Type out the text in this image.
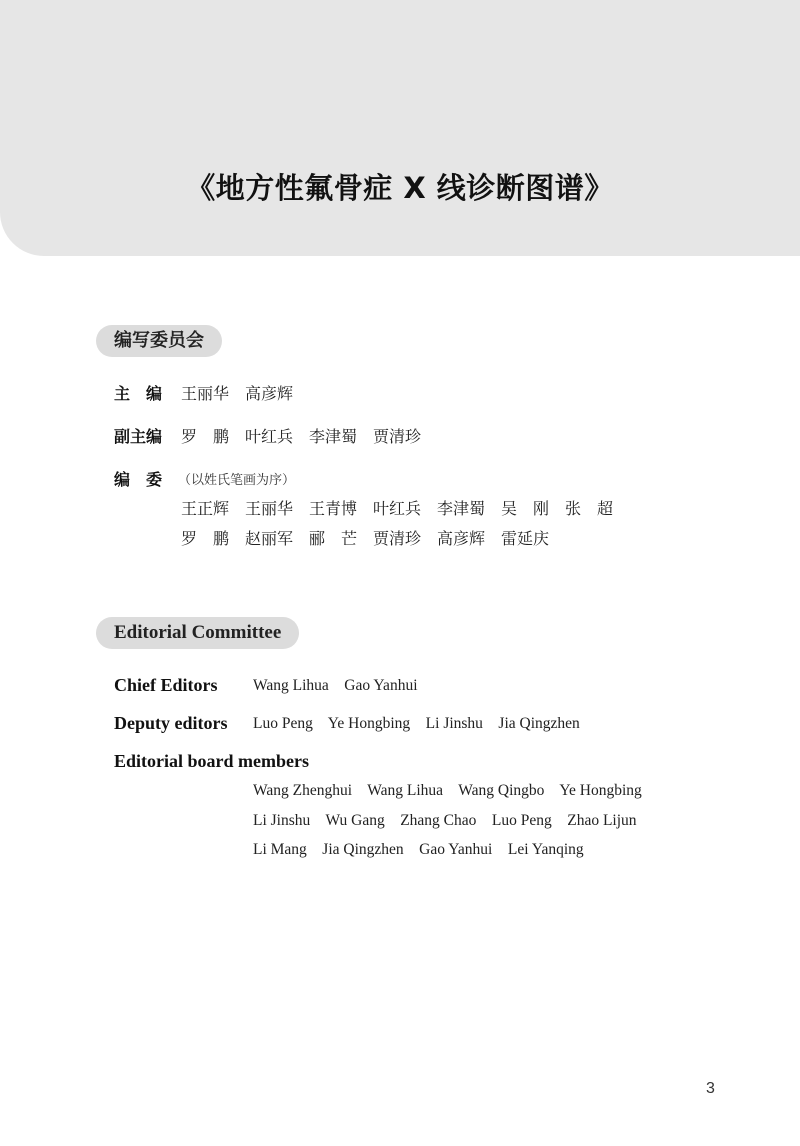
《地方性氟骨症 X 线诊断图谱》
编写委员会
主　编 王丽华　高彦辉
副主编 罗　鹏　叶红兵　李津蜀　贾清珍
编　委 （以姓氏笔画为序）
王正辉　王丽华　王青博　叶红兵　李津蜀　吴　刚　张　超
罗　鹏　赵丽军　郦　芒　贾清珍　高彦辉　雷延庆
Editorial Committee
Chief Editors Wang Lihua    Gao Yanhui
Deputy editors Luo Peng    Ye Hongbing    Li Jinshu    Jia Qingzhen
Editorial board members
Wang Zhenghui    Wang Lihua    Wang Qingbo    Ye Hongbing
Li Jinshu    Wu Gang    Zhang Chao    Luo Peng    Zhao Lijun
Li Mang    Jia Qingzhen    Gao Yanhui    Lei Yanqing
3
